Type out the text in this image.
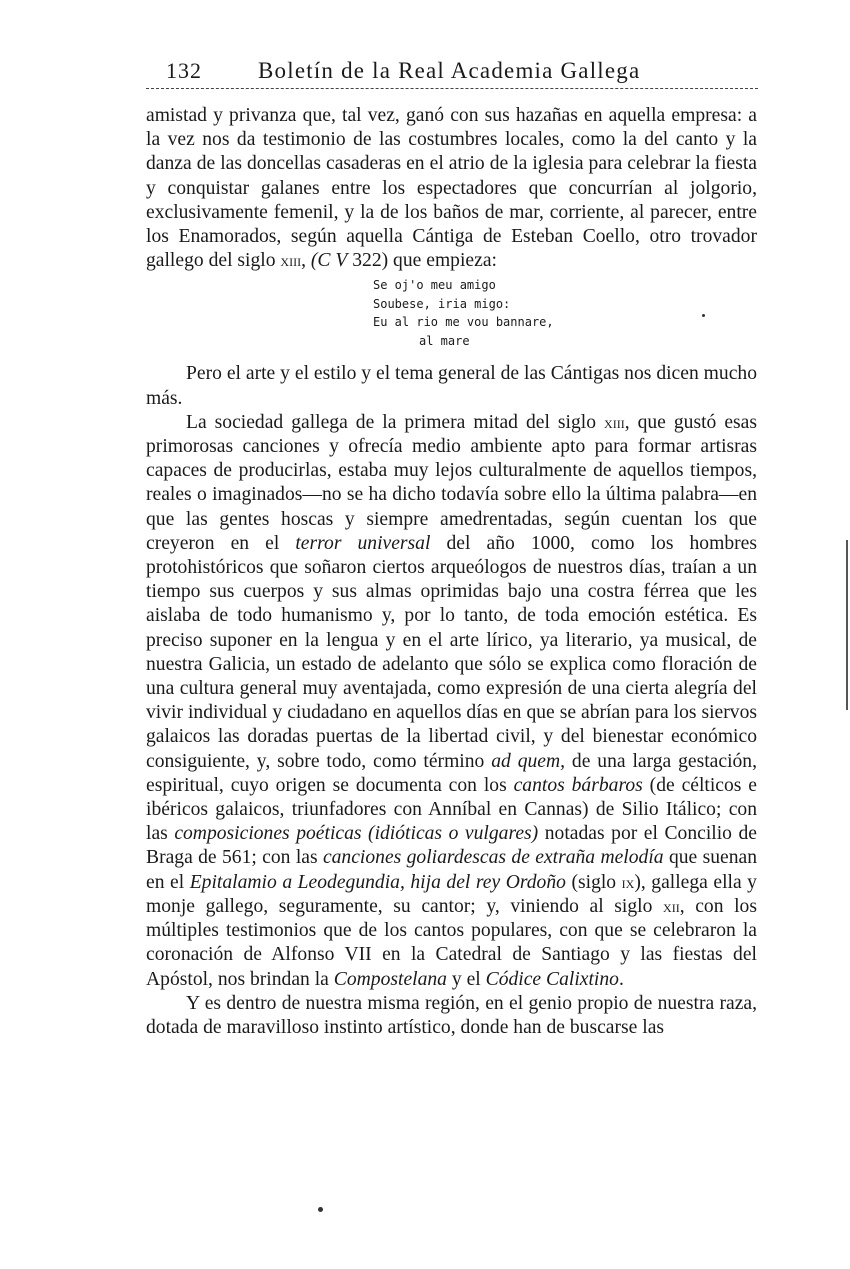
132 Boletín de la Real Academia Gallega

amistad y privanza que, tal vez, ganó con sus hazañas en aquella empresa: a la vez nos da testimonio de las costumbres locales, como la del canto y la danza de las doncellas casaderas en el atrio de la iglesia para celebrar la fiesta y conquistar galanes entre los espectadores que concurrían al jolgorio, exclusivamente femenil, y la de los baños de mar, corriente, al parecer, entre los Enamorados, según aquella Cántiga de Esteban Coello, otro trovador gallego del siglo xiii, (C V 322) que empieza:

Se oj'o meu amigo
Soubese, iria migo:
Eu al rio me vou bannare,
al mare

Pero el arte y el estilo y el tema general de las Cántigas nos dicen mucho más.

La sociedad gallega de la primera mitad del siglo xiii, que gustó esas primorosas canciones y ofrecía medio ambiente apto para formar artisras capaces de producirlas, estaba muy lejos culturalmente de aquellos tiempos, reales o imaginados—no se ha dicho todavía sobre ello la última palabra—en que las gentes hoscas y siempre amedrentadas, según cuentan los que creyeron en el terror universal del año 1000, como los hombres protohistóricos que soñaron ciertos arqueólogos de nuestros días, traían a un tiempo sus cuerpos y sus almas oprimidas bajo una costra férrea que les aislaba de todo humanismo y, por lo tanto, de toda emoción estética. Es preciso suponer en la lengua y en el arte lírico, ya literario, ya musical, de nuestra Galicia, un estado de adelanto que sólo se explica como floración de una cultura general muy aventajada, como expresión de una cierta alegría del vivir individual y ciudadano en aquellos días en que se abrían para los siervos galaicos las doradas puertas de la libertad civil, y del bienestar económico consiguiente, y, sobre todo, como término ad quem, de una larga gestación, espiritual, cuyo origen se documenta con los cantos bárbaros (de célticos e ibéricos galaicos, triunfadores con Anníbal en Cannas) de Silio Itálico; con las composiciones poéticas (idióticas o vulgares) notadas por el Concilio de Braga de 561; con las canciones goliardescas de extraña melodía que suenan en el Epitalamio a Leodegundia, hija del rey Ordoño (siglo ix), gallega ella y monje gallego, seguramente, su cantor; y, viniendo al siglo xii, con los múltiples testimonios que de los cantos populares, con que se celebraron la coronación de Alfonso VII en la Catedral de Santiago y las fiestas del Apóstol, nos brindan la Compostelana y el Códice Calixtino.

Y es dentro de nuestra misma región, en el genio propio de nuestra raza, dotada de maravilloso instinto artístico, donde han de buscarse las
